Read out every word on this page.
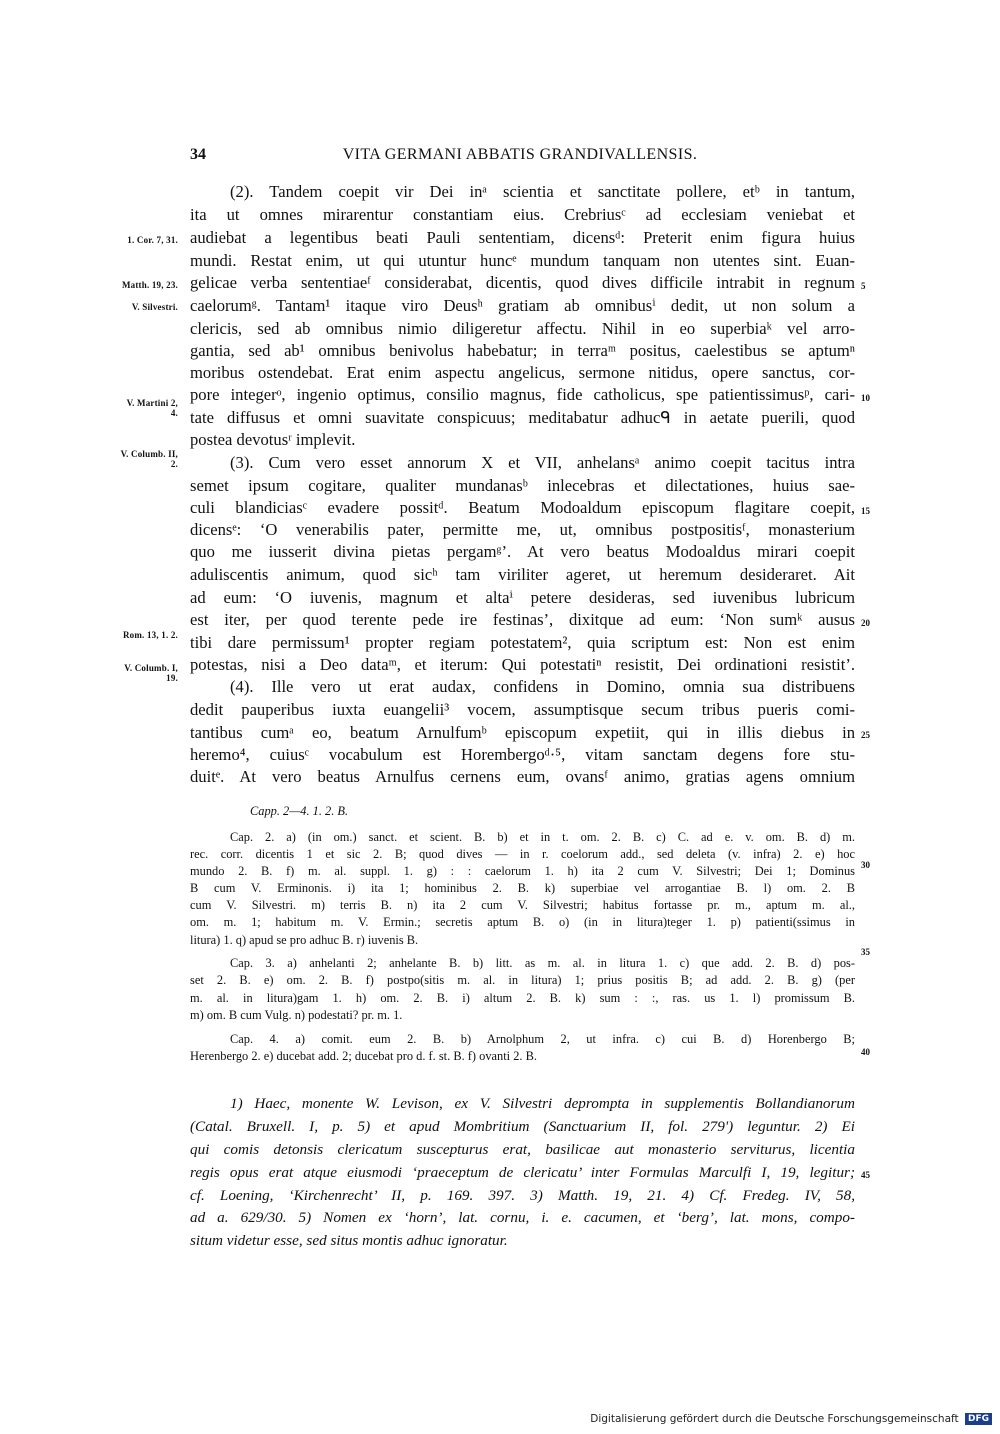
34	VITA GERMANI ABBATIS GRANDIVALLENSIS.
(2). Tandem coepit vir Dei inᵃ scientia et sanctitate pollere, etᵇ in tantum,
ita ut omnes mirarentur constantiam eius. Crebriusᶜ ad ecclesiam veniebat et
audiebat a legentibus beati Pauli sententiam, dicensᵈ: Preterit enim figura huius
mundi. Restat enim, ut qui utuntur huncᵉ mundum tanquam non utentes sint. Euan-
gelicae verba sententiaeᶠ considerabat, dicentis, quod dives difficile intrabit in regnum
caelorumᵍ. Tantam¹ itaque viro Deusʰ gratiam ab omnibusⁱ dedit, ut non solum a
clericis, sed ab omnibus nimio diligeretur affectu. Nihil in eo superbiaᵏ vel arro-
gantia, sed ab¹ omnibus benivolus habebatur; in terraᵐ positus, caelestibus se aptumⁿ
moribus ostendebat. Erat enim aspectu angelicus, sermone nitidus, opere sanctus, cor-
pore integerᵒ, ingenio optimus, consilio magnus, fide catholicus, spe patientissimusᵖ, cari-
tate diffusus et omni suavitate conspicuus; meditabatur adhucᑫ in aetate puerili, quod
postea devotusʳ implevit.
(3). Cum vero esset annorum X et VII, anhelansᵃ animo coepit tacitus intra
semet ipsum cogitare, qualiter mundanasᵇ inlecebras et dilectationes, huius sae-
culi blandiciasᶜ evadere possitᵈ. Beatum Modoaldum episcopum flagitare coepit,
dicensᵉ: ‘O venerabilis pater, permitte me, ut, omnibus postpositisᶠ, monasterium
quo me iusserit divina pietas pergamᵍ’. At vero beatus Modoaldus mirari coepit
aduliscentis animum, quod sicʰ tam viriliter ageret, ut heremum desideraret. Ait
ad eum: ‘O iuvenis, magnum et altaⁱ petere desideras, sed iuvenibus lubricum
est iter, per quod terente pede ire festinas’, dixitque ad eum: ‘Non sumᵏ ausus
tibi dare permissum¹ propter regiam potestatem², quia scriptum est: Non est enim
potestas, nisi a Deo dataᵐ, et iterum: Qui potestatiⁿ resistit, Dei ordinationi resistit’.
(4). Ille vero ut erat audax, confidens in Domino, omnia sua distribuens
dedit pauperibus iuxta euangelii³ vocem, assumptisque secum tribus pueris comi-
tantibus cumᵃ eo, beatum Arnulfumᵇ episcopum expetiit, qui in illis diebus in
heremo⁴, cuiusᶜ vocabulum est Horembergoᵈ·⁵, vitam sanctam degens fore stu-
duitᵉ. At vero beatus Arnulfus cernens eum, ovansᶠ animo, gratias agens omnium
1. Cor. 7, 31.
Matth. 19, 23.
V. Silvestri.
V. Martini 2, 4.
V. Columb. II, 2.
Rom. 13, 1. 2.
V. Columb. I, 19.
5
10
15
20
25
30
35
40
45
Capp. 2—4. 1. 2. B.
Cap. 2. a) (in om.) sanct. et scient. B. b) et in t. om. 2. B. c) C. ad e. v. om. B. d) m.
rec. corr. dicentis 1 et sic 2. B; quod dives — in r. coelorum add., sed deleta (v. infra) 2. e) hoc
mundo 2. B. f) m. al. suppl. 1. g) : : caelorum 1. h) ita 2 cum V. Silvestri; Dei 1; Dominus
B cum V. Erminonis. i) ita 1; hominibus 2. B. k) superbiae vel arrogantiae B. l) om. 2. B
cum V. Silvestri. m) terris B. n) ita 2 cum V. Silvestri; habitus fortasse pr. m., aptum m. al.,
om. m. 1; habitum m. V. Ermin.; secretis aptum B. o) (in in litura)teger 1. p) patienti(ssimus in
litura) 1. q) apud se pro adhuc B. r) iuvenis B.
Cap. 3. a) anhelanti 2; anhelante B. b) litt. as m. al. in litura 1. c) que add. 2. B. d) pos-
set 2. B. e) om. 2. B. f) postpo(sitis m. al. in litura) 1; prius positis B; ad add. 2. B. g) (per
m. al. in litura)gam 1. h) om. 2. B. i) altum 2. B. k) sum : :, ras. us 1. l) promissum B.
m) om. B cum Vulg. n) podestati? pr. m. 1.
Cap. 4. a) comit. eum 2. B. b) Arnolphum 2, ut infra. c) cui B. d) Horenbergo B;
Herenbergo 2. e) ducebat add. 2; ducebat pro d. f. st. B. f) ovanti 2. B.
1) Haec, monente W. Levison, ex V. Silvestri deprompta in supplementis Bollandianorum
(Catal. Bruxell. I, p. 5) et apud Mombritium (Sanctuarium II, fol. 279') leguntur. 2) Ei
qui comis detonsis clericatum suscepturus erat, basilicae aut monasterio serviturus, licentia
regis opus erat atque eiusmodi ‘praeceptum de clericatu’ inter Formulas Marculfi I, 19, legitur;
cf. Loening, ‘Kirchenrecht’ II, p. 169. 397. 3) Matth. 19, 21. 4) Cf. Fredeg. IV, 58,
ad a. 629/30. 5) Nomen ex ‘horn’, lat. cornu, i. e. cacumen, et ‘berg’, lat. mons, compo-
situm videtur esse, sed situs montis adhuc ignoratur.
Digitalisierung gefördert durch die Deutsche Forschungsgemeinschaft DFG
